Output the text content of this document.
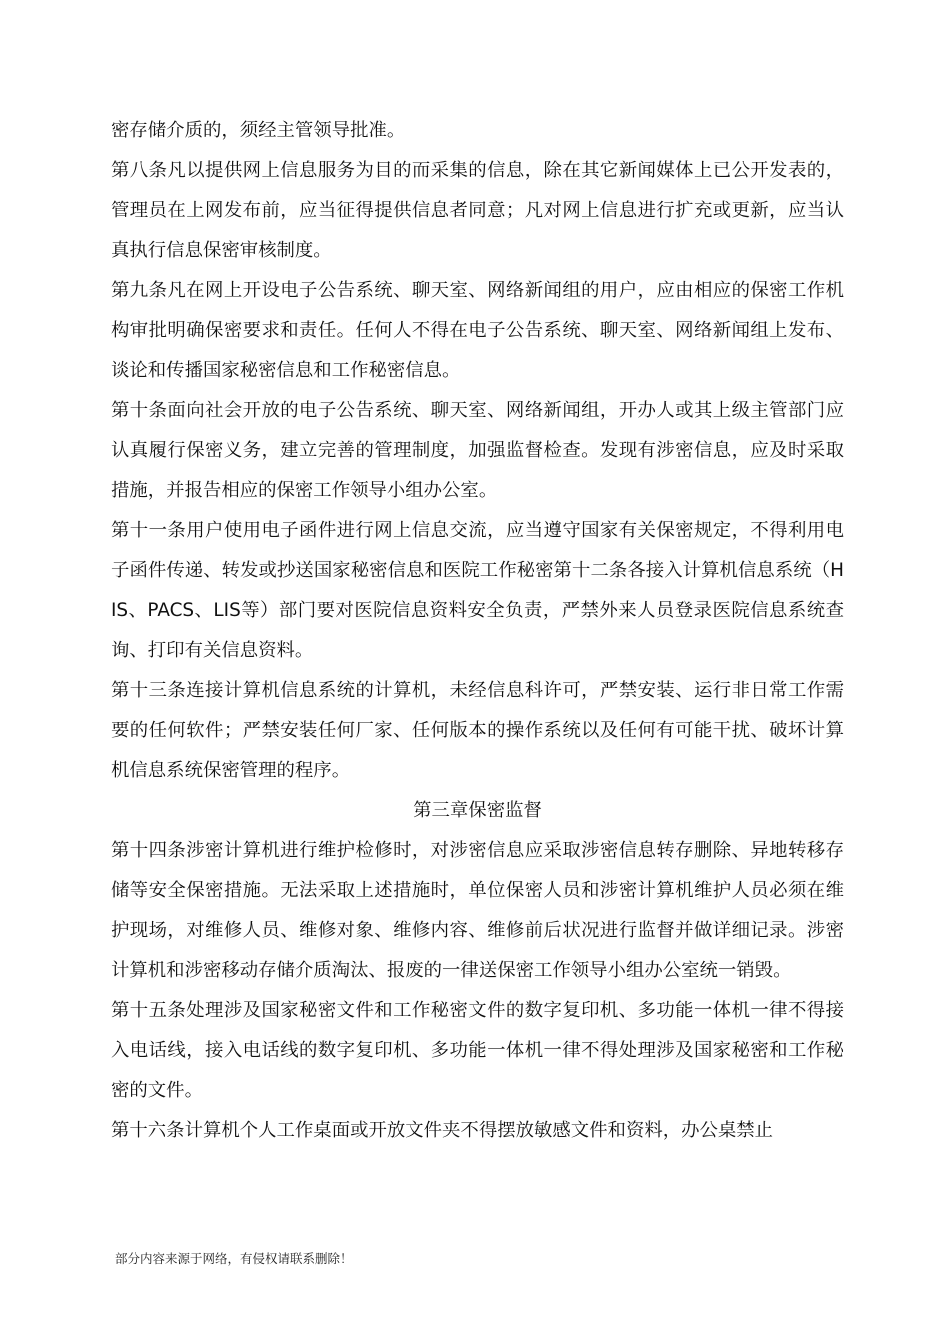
密存储介质的，须经主管领导批准。

第八条凡以提供网上信息服务为目的而采集的信息，除在其它新闻媒体上已公开发表的，管理员在上网发布前，应当征得提供信息者同意；凡对网上信息进行扩充或更新，应当认真执行信息保密审核制度。

第九条凡在网上开设电子公告系统、聊天室、网络新闻组的用户，应由相应的保密工作机构审批明确保密要求和责任。任何人不得在电子公告系统、聊天室、网络新闻组上发布、谈论和传播国家秘密信息和工作秘密信息。

第十条面向社会开放的电子公告系统、聊天室、网络新闻组，开办人或其上级主管部门应认真履行保密义务，建立完善的管理制度，加强监督检查。发现有涉密信息，应及时采取措施，并报告相应的保密工作领导小组办公室。

第十一条用户使用电子函件进行网上信息交流，应当遵守国家有关保密规定，不得利用电子函件传递、转发或抄送国家秘密信息和医院工作秘密第十二条各接入计算机信息系统（HIS、PACS、LIS等）部门要对医院信息资料安全负责，严禁外来人员登录医院信息系统查询、打印有关信息资料。

第十三条连接计算机信息系统的计算机，未经信息科许可，严禁安装、运行非日常工作需要的任何软件；严禁安装任何厂家、任何版本的操作系统以及任何有可能干扰、破坏计算机信息系统保密管理的程序。

第三章保密监督

第十四条涉密计算机进行维护检修时，对涉密信息应采取涉密信息转存删除、异地转移存储等安全保密措施。无法采取上述措施时，单位保密人员和涉密计算机维护人员必须在维护现场，对维修人员、维修对象、维修内容、维修前后状况进行监督并做详细记录。涉密计算机和涉密移动存储介质淘汰、报废的一律送保密工作领导小组办公室统一销毁。

第十五条处理涉及国家秘密文件和工作秘密文件的数字复印机、多功能一体机一律不得接入电话线，接入电话线的数字复印机、多功能一体机一律不得处理涉及国家秘密和工作秘密的文件。

第十六条计算机个人工作桌面或开放文件夹不得摆放敏感文件和资料，办公桌禁止

部分内容来源于网络，有侵权请联系删除！
